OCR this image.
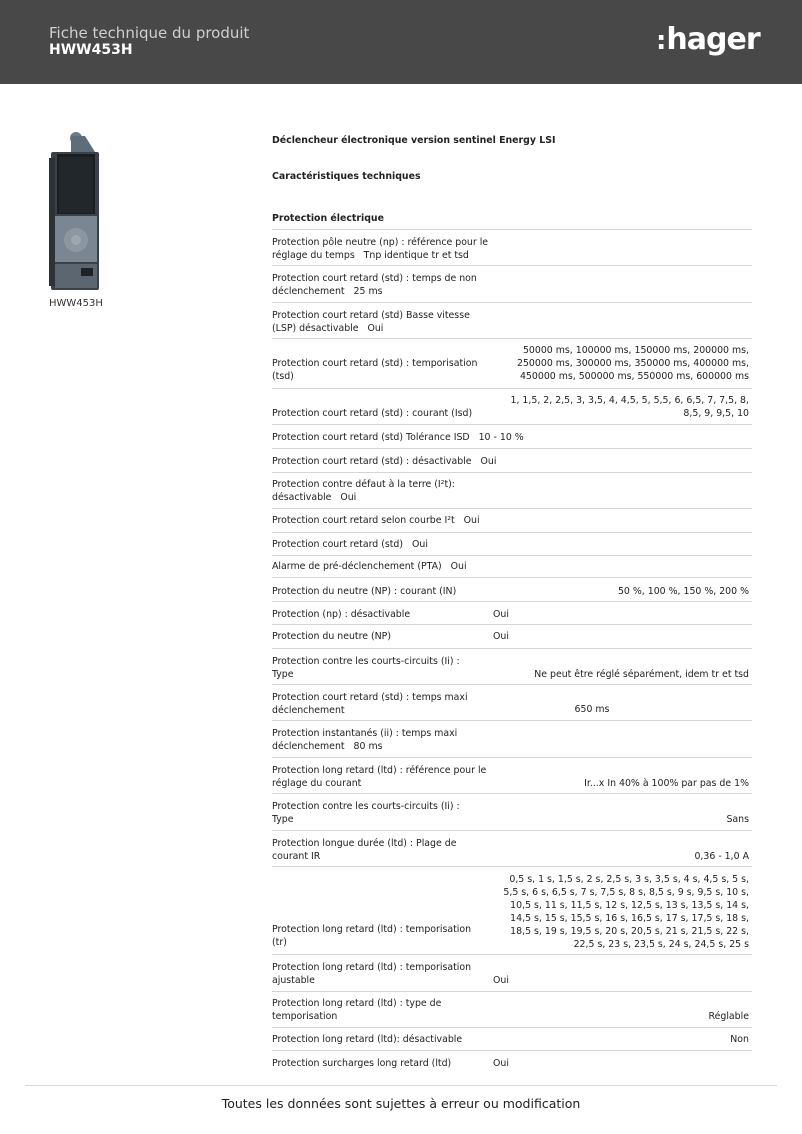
Fiche technique du produit
HWW453H	:hager
HWW453H
Déclencheur électronique version sentinel Energy LSI
Caractéristiques techniques
Protection électrique
Protection pôle neutre (np) : référence pour le réglage du temps Tnp identique tr et tsd
Protection court retard (std) : temps de non déclenchement 25 ms
Protection court retard (std) Basse vitesse (LSP) désactivable Oui
Protection court retard (std) : temporisation (tsd)
50000 ms, 100000 ms, 150000 ms, 200000 ms, 250000 ms, 300000 ms, 350000 ms, 400000 ms, 450000 ms, 500000 ms, 550000 ms, 600000 ms
Protection court retard (std) : courant (Isd)
1, 1,5, 2, 2,5, 3, 3,5, 4, 4,5, 5, 5,5, 6, 6,5, 7, 7,5, 8, 8,5, 9, 9,5, 10
Protection court retard (std) Tolérance ISD 10 - 10 %
Protection court retard (std) : désactivable Oui
Protection contre défaut à la terre (I²t): désactivable Oui
Protection court retard selon courbe I²t Oui
Protection court retard (std) Oui
Alarme de pré-déclenchement (PTA) Oui
Protection du neutre (NP) : courant (IN)	50 %, 100 %, 150 %, 200 %
Protection (np) : désactivable	Oui
Protection du neutre (NP)	Oui
Protection contre les courts-circuits (Ii) : Type	Ne peut être réglé séparément, idem tr et tsd
Protection court retard (std) : temps maxi déclenchement	650 ms
Protection instantanés (ii) : temps maxi déclenchement 80 ms
Protection long retard (ltd) : référence pour le réglage du courant	Ir...x In 40% à 100% par pas de 1%
Protection contre les courts-circuits (Ii) : Type	Sans
Protection longue durée (ltd) : Plage de courant IR	0,36 - 1,0 A
Protection long retard (ltd) : temporisation (tr)
0,5 s, 1 s, 1,5 s, 2 s, 2,5 s, 3 s, 3,5 s, 4 s, 4,5 s, 5 s, 5,5 s, 6 s, 6,5 s, 7 s, 7,5 s, 8 s, 8,5 s, 9 s, 9,5 s, 10 s, 10,5 s, 11 s, 11,5 s, 12 s, 12,5 s, 13 s, 13,5 s, 14 s, 14,5 s, 15 s, 15,5 s, 16 s, 16,5 s, 17 s, 17,5 s, 18 s, 18,5 s, 19 s, 19,5 s, 20 s, 20,5 s, 21 s, 21,5 s, 22 s, 22,5 s, 23 s, 23,5 s, 24 s, 24,5 s, 25 s
Protection long retard (ltd) : temporisation ajustable	Oui
Protection long retard (ltd) : type de temporisation	Réglable
Protection long retard (ltd): désactivable	Non
Protection surcharges long retard (ltd)	Oui
Toutes les données sont sujettes à erreur ou modification
